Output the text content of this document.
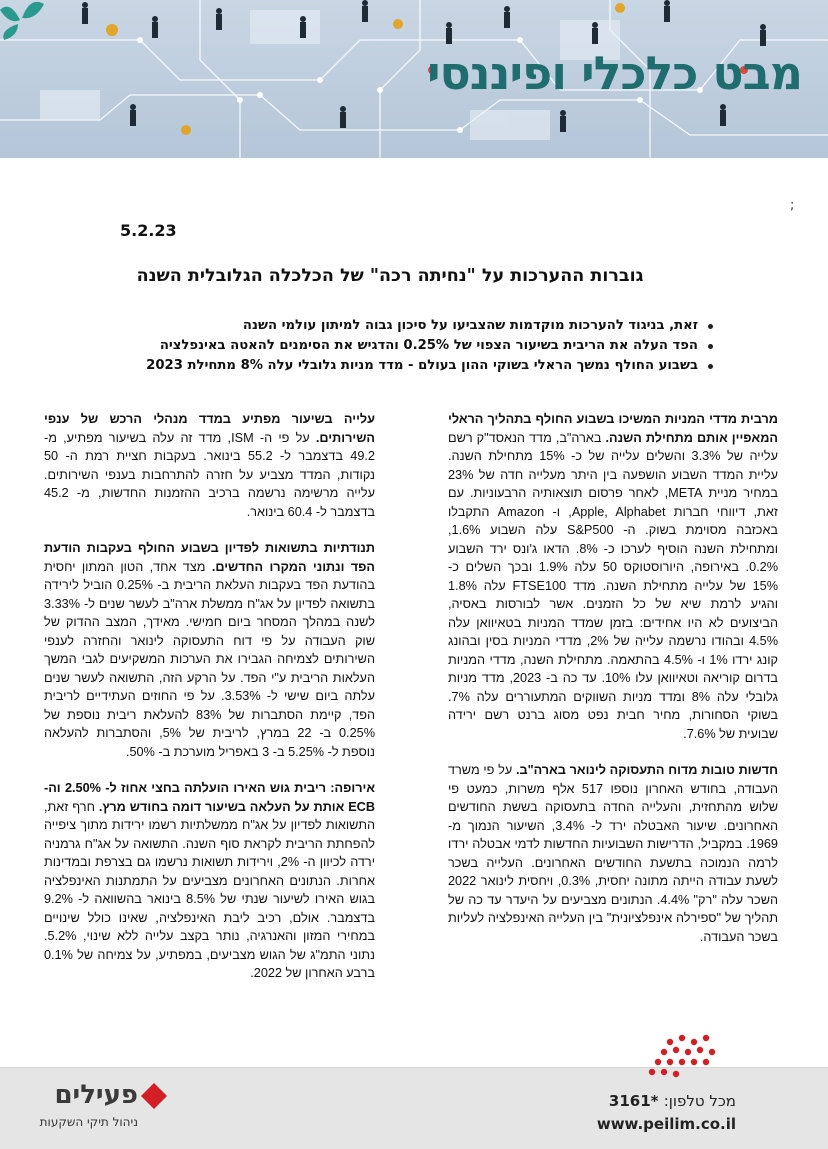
מבט כלכלי ופיננסי
;
5.2.23
גוברות ההערכות על "נחיתה רכה" של הכלכלה הגלובלית השנה
זאת, בניגוד להערכות מוקדמות שהצביעו על סיכון גבוה למיתון עולמי השנה
הפד העלה את הריבית בשיעור הצפוי של 0.25% והדגיש את הסימנים להאטה באינפלציה
בשבוע החולף נמשך הראלי בשוקי ההון בעולם - מדד מניות גלובלי עלה 8% מתחילת 2023

מרבית מדדי המניות המשיכו בשבוע החולף בתהליך הראלי המאפיין אותם מתחילת השנה. בארה"ב, מדד הנאסד"ק רשם עלייה של 3.3% והשלים עלייה של כ- 15% מתחילת השנה. עליית המדד השבוע הושפעה בין היתר מעלייה חדה של 23% במחיר מניית META, לאחר פרסום תוצאותיה הרבעוניות. עם זאת, דיווחי חברות Apple, Alphabet, ו- Amazon התקבלו באכזבה מסוימת בשוק. ה- S&P500 עלה השבוע 1.6%, ומתחילת השנה הוסיף לערכו כ- 8%. הדאו ג'ונס ירד השבוע 0.2%. באירופה, היורוסטוקס 50 עלה 1.9% ובכך השלים כ- 15% של עלייה מתחילת השנה. מדד FTSE100 עלה 1.8% והגיע לרמת שיא של כל הזמנים. אשר לבורסות באסיה, הביצועים לא היו אחידים: בזמן שמדד המניות בטאיוואן עלה 4.5% ובהודו נרשמה עלייה של 2%, מדדי המניות בסין ובהונג קונג ירדו 1% ו- 4.5% בהתאמה. מתחילת השנה, מדדי המניות בדרום קוריאה וטאיוואן עלו 10%. עד כה ב- 2023, מדד מניות גלובלי עלה 8% ומדד מניות השווקים המתעוררים עלה 7%. בשוקי הסחורות, מחיר חבית נפט מסוג ברנט רשם ירידה שבועית של 7.6%.

חדשות טובות מדוח התעסוקה לינואר בארה"ב. על פי משרד העבודה, בחודש האחרון נוספו 517 אלף משרות, כמעט פי שלוש מהתחזית, והעלייה החדה בתעסוקה בששת החודשים האחרונים. שיעור האבטלה ירד ל- 3.4%, השיעור הנמוך מ- 1969. במקביל, הדרישות השבועיות החדשות לדמי אבטלה ירדו לרמה הנמוכה בתשעת החודשים האחרונים. העלייה בשכר לשעת עבודה הייתה מתונה יחסית, 0.3%, ויחסית לינואר 2022 השכר עלה "רק" 4.4%. הנתונים מצביעים על היעדר עד כה של תהליך של "ספירלה אינפלציונית" בין העלייה האינפלציה לעליות בשכר העבודה.

עלייה בשיעור מפתיע במדד מנהלי הרכש של ענפי השירותים. על פי ה- ISM, מדד זה עלה בשיעור מפתיע, מ- 49.2 בדצמבר ל- 55.2 בינואר. בעקבות חציית רמת ה- 50 נקודות, המדד מצביע על חזרה להתרחבות בענפי השירותים. עלייה מרשימה נרשמה ברכיב ההזמנות החדשות, מ- 45.2 בדצמבר ל- 60.4 בינואר.

תנודתיות בתשואות לפדיון בשבוע החולף בעקבות הודעת הפד ונתוני המקרו החדשים. מצד אחד, הטון המתון יחסית בהודעת הפד בעקבות העלאת הריבית ב- 0.25% הוביל לירידה בתשואה לפדיון על אג"ח ממשלת ארה"ב לעשר שנים ל- 3.33% לשנה במהלך המסחר ביום חמישי. מאידך, המצב ההדוק של שוק העבודה על פי דוח התעסוקה לינואר והחזרה לענפי השירותים לצמיחה הגבירו את הערכות המשקיעים לגבי המשך העלאות הריבית ע"י הפד. על הרקע הזה, התשואה לעשר שנים עלתה ביום שישי ל- 3.53%. על פי החוזים העתידיים לריבית הפד, קיימת הסתברות של 83% להעלאת ריבית נוספת של 0.25% ב- 22 במרץ, לריבית של 5%, והסתברות להעלאה נוספת ל- 5.25% ב- 3 באפריל מוערכת ב- 50%.

אירופה: ריבית גוש האירו הועלתה בחצי אחוז ל- 2.50% וה- ECB אותת על העלאה בשיעור דומה בחודש מרץ. חרף זאת, התשואות לפדיון על אג"ח ממשלתיות רשמו ירידות מתוך ציפייה להפחתת הריבית לקראת סוף השנה. התשואה על אג"ח גרמניה ירדה לכיוון ה- 2%, וירידות תשואות נרשמו גם בצרפת ובמדינות אחרות. הנתונים האחרונים מצביעים על התמתנות האינפלציה בגוש האירו לשיעור שנתי של 8.5% בינואר בהשוואה ל- 9.2% בדצמבר. אולם, רכיב ליבת האינפלציה, שאינו כולל שינויים במחירי המזון והאנרגיה, נותר בקצב עלייה ללא שינוי, 5.2%. נתוני התמ"ג של הגוש מצביעים, במפתיע, על צמיחה של 0.1% ברבע האחרון של 2022.

מכל טלפון: *3161
www.peilim.co.il
פעילים
ניהול תיקי השקעות
